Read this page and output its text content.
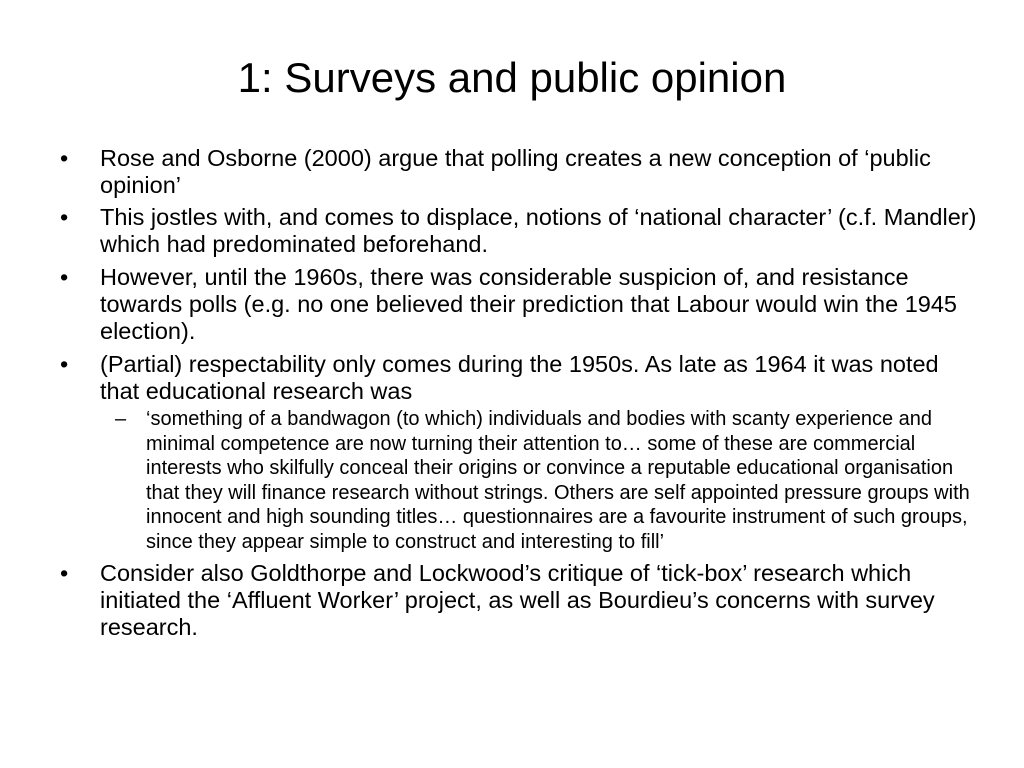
1: Surveys and public opinion
•	Rose and Osborne (2000) argue that polling creates a new conception of ‘public opinion’
•	This jostles with, and comes to displace, notions of ‘national character’ (c.f. Mandler) which had predominated beforehand.
•	However, until the 1960s, there was considerable suspicion of, and resistance towards polls (e.g. no one believed their prediction that Labour would win the 1945 election).
•	(Partial) respectability only comes during the 1950s. As late as 1964 it was noted that educational research was
– ‘something of a bandwagon (to which) individuals and bodies with scanty experience and minimal competence are now turning their attention to… some of these are commercial interests who skilfully conceal their origins or convince a reputable educational organisation that they will finance research without strings. Others are self appointed pressure groups with innocent and high sounding titles… questionnaires are a favourite instrument of such groups, since they appear simple to construct and interesting to fill’
•	Consider also Goldthorpe and Lockwood’s critique of ‘tick-box’ research which initiated the ‘Affluent Worker’ project, as well as Bourdieu’s concerns with survey research.
